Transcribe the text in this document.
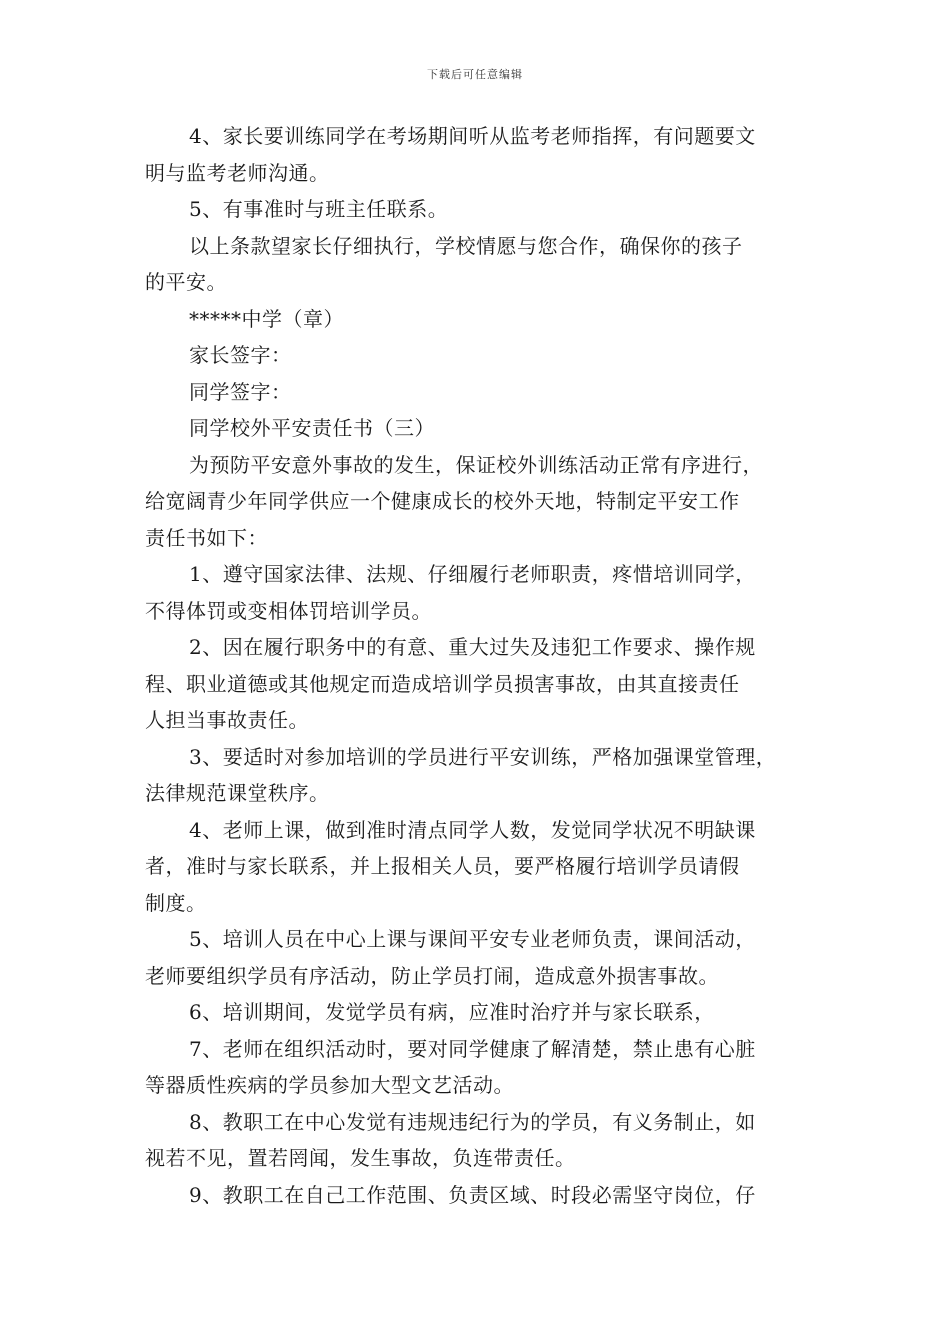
下载后可任意编辑
4、家长要训练同学在考场期间听从监考老师指挥，有问题要文
明与监考老师沟通。
5、有事准时与班主任联系。
以上条款望家长仔细执行，学校情愿与您合作，确保你的孩子
的平安。
*****中学（章）
家长签字：
同学签字：
同学校外平安责任书（三）
为预防平安意外事故的发生，保证校外训练活动正常有序进行，
给宽阔青少年同学供应一个健康成长的校外天地，特制定平安工作
责任书如下：
1、遵守国家法律、法规、仔细履行老师职责，疼惜培训同学，
不得体罚或变相体罚培训学员。
2、因在履行职务中的有意、重大过失及违犯工作要求、操作规
程、职业道德或其他规定而造成培训学员损害事故，由其直接责任
人担当事故责任。
3、要适时对参加培训的学员进行平安训练，严格加强课堂管理，
法律规范课堂秩序。
4、老师上课，做到准时清点同学人数，发觉同学状况不明缺课
者，准时与家长联系，并上报相关人员，要严格履行培训学员请假
制度。
5、培训人员在中心上课与课间平安专业老师负责，课间活动，
老师要组织学员有序活动，防止学员打闹，造成意外损害事故。
6、培训期间，发觉学员有病，应准时治疗并与家长联系，
7、老师在组织活动时，要对同学健康了解清楚，禁止患有心脏
等器质性疾病的学员参加大型文艺活动。
8、教职工在中心发觉有违规违纪行为的学员，有义务制止，如
视若不见，置若罔闻，发生事故，负连带责任。
9、教职工在自己工作范围、负责区域、时段必需坚守岗位，仔
